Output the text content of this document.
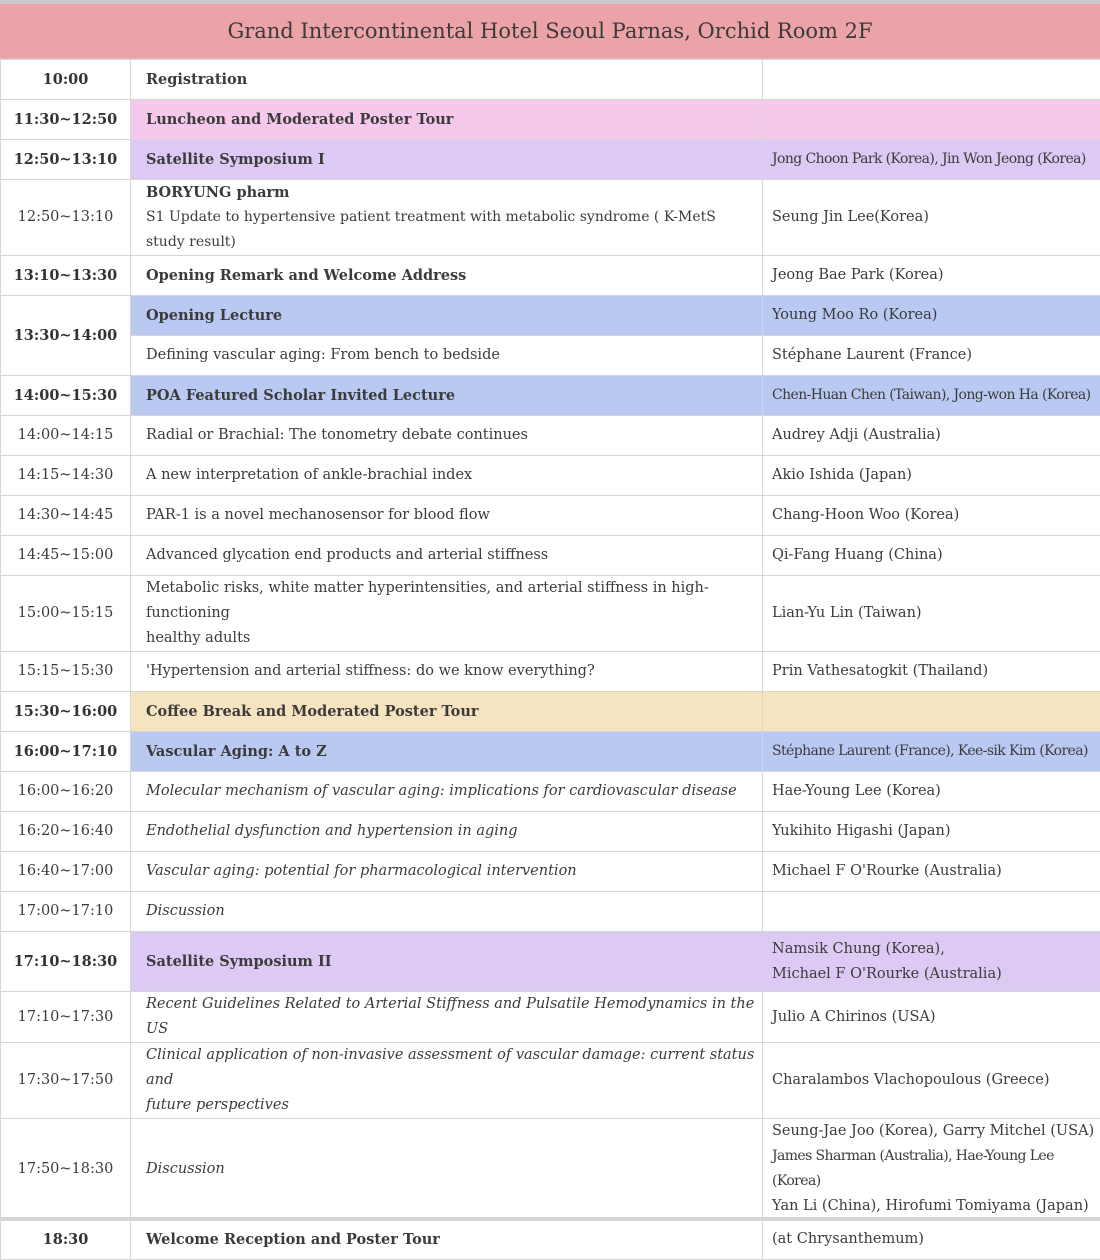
Grand Intercontinental Hotel Seoul Parnas, Orchid Room 2F
10:00	Registration	
11:30~12:50	Luncheon and Moderated Poster Tour	
12:50~13:10	Satellite Symposium I	Jong Choon Park (Korea), Jin Won Jeong (Korea)
12:50~13:10	BORYUNG pharm
S1 Update to hypertensive patient treatment with metabolic syndrome ( K-MetS study result)	Seung Jin Lee(Korea)
13:10~13:30	Opening Remark and Welcome Address	Jeong Bae Park (Korea)
13:30~14:00	Opening Lecture	Young Moo Ro (Korea)
	Defining vascular aging: From bench to bedside	Stéphane Laurent (France)
14:00~15:30	POA Featured Scholar Invited Lecture	Chen-Huan Chen (Taiwan), Jong-won Ha (Korea)
14:00~14:15	Radial or Brachial: The tonometry debate continues	Audrey Adji (Australia)
14:15~14:30	A new interpretation of ankle-brachial index	Akio Ishida (Japan)
14:30~14:45	PAR-1 is a novel mechanosensor for blood flow	Chang-Hoon Woo (Korea)
14:45~15:00	Advanced glycation end products and arterial stiffness	Qi-Fang Huang (China)
15:00~15:15	Metabolic risks, white matter hyperintensities, and arterial stiffness in high-functioning
healthy adults	Lian-Yu Lin (Taiwan)
15:15~15:30	'Hypertension and arterial stiffness: do we know everything?	Prin Vathesatogkit (Thailand)
15:30~16:00	Coffee Break and Moderated Poster Tour	
16:00~17:10	Vascular Aging: A to Z	Stéphane Laurent (France), Kee-sik Kim (Korea)
16:00~16:20	Molecular mechanism of vascular aging: implications for cardiovascular disease	Hae-Young Lee (Korea)
16:20~16:40	Endothelial dysfunction and hypertension in aging	Yukihito Higashi (Japan)
16:40~17:00	Vascular aging: potential for pharmacological intervention	Michael F O'Rourke (Australia)
17:00~17:10	Discussion	
17:10~18:30	Satellite Symposium II	Namsik Chung (Korea),
Michael F O'Rourke (Australia)

17:10~17:30	Recent Guidelines Related to Arterial Stiffness and Pulsatile Hemodynamics in the US	Julio A Chirinos (USA)
17:30~17:50	Clinical application of non-invasive assessment of vascular damage: current status and
future perspectives	Charalambos Vlachopoulous (Greece)
17:50~18:30	Discussion	Seung-Jae Joo (Korea), Garry Mitchel (USA)
James Sharman (Australia), Hae-Young Lee (Korea)
Yan Li (China), Hirofumi Tomiyama (Japan)

18:30	Welcome Reception and Poster Tour	(at Chrysanthemum)
